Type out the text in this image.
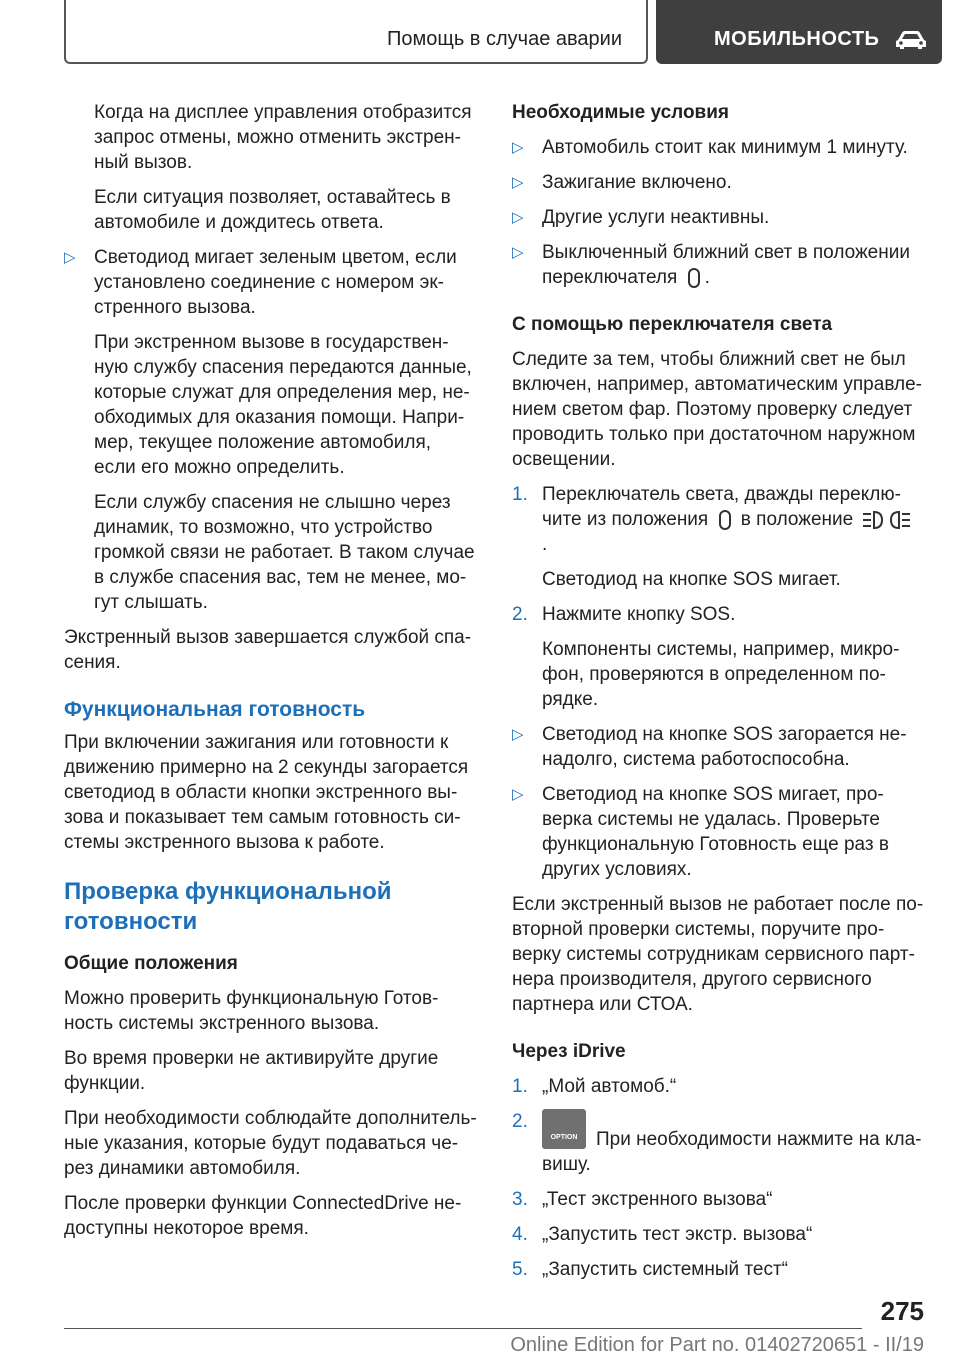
Помощь в случае аварии	МОБИЛЬНОСТЬ

Когда на дисплее управления отобразится запрос отмены, можно отменить экстрен‐ный вызов.

Если ситуация позволяет, оставайтесь в автомобиле и дождитесь ответа.

▷ Светодиод мигает зеленым цветом, если установлено соединение с номером эк‐стренного вызова.

При экстренном вызове в государствен‐ную службу спасения передаются данные, которые служат для определения мер, не‐обходимых для оказания помощи. Напри‐мер, текущее положение автомобиля, если его можно определить.

Если службу спасения не слышно через динамик, то возможно, что устройство громкой связи не работает. В таком случае в службе спасения вас, тем не менее, мо‐гут слышать.

Экстренный вызов завершается службой спа‐сения.

Функциональная готовность

При включении зажигания или готовности к движению примерно на 2 секунды загорается светодиод в области кнопки экстренного вы‐зова и показывает тем самым готовность си‐стемы экстренного вызова к работе.

Проверка функциональной готовности
Общие положения

Можно проверить функциональную Готов‐ность системы экстренного вызова.

Во время проверки не активируйте другие функции.

При необходимости соблюдайте дополнитель‐ные указания, которые будут подаваться че‐рез динамики автомобиля.

После проверки функции ConnectedDrive не‐доступны некоторое время.

Необходимые условия
▷ Автомобиль стоит как минимум 1 минуту.
▷ Зажигание включено.
▷ Другие услуги неактивны.
▷ Выключенный ближний свет в положении переключателя .
С помощью переключателя света

Следите за тем, чтобы ближний свет не был включен, например, автоматическим управле‐нием светом фар. Поэтому проверку следует проводить только при достаточном наружном освещении.

1. Переключатель света, дважды переклю‐чите из положения в положение  .

Светодиод на кнопке SOS мигает.

2. Нажмите кнопку SOS.

Компоненты системы, например, микро‐фон, проверяются в определенном по‐рядке.

▷ Светодиод на кнопке SOS загорается не‐надолго, система работоспособна.
▷ Светодиод на кнопке SOS мигает, про‐верка системы не удалась. Проверьте функциональную Готовность еще раз в других условиях.

Если экстренный вызов не работает после по‐вторной проверки системы, поручите про‐верку системы сотрудникам сервисного парт‐нера производителя, другого сервисного партнера или СТОА.

Через iDrive
1. „Мой автомоб.“
2.
OPTION При необходимости нажмите на кла‐вишу.
3. „Тест экстренного вызова“
4. „Запустить тест экстр. вызова“
5. „Запустить системный тест“
275
Online Edition for Part no. 01402720651 - II/19
